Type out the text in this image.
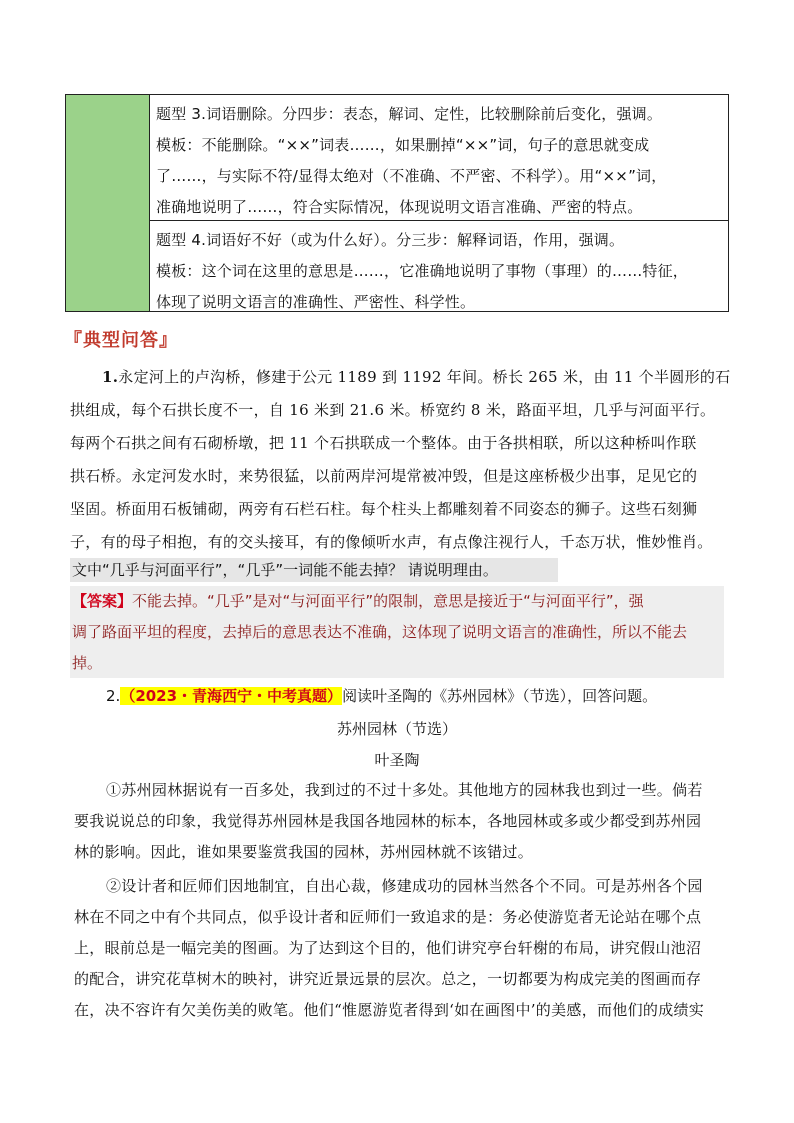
题型 3.词语删除。分四步：表态，解词、定性，比较删除前后变化，强调。
模板：不能删除。“××”词表……，如果删掉“××”词，句子的意思就变成
了……，与实际不符/显得太绝对（不准确、不严密、不科学）。用“××”词，
准确地说明了……，符合实际情况，体现说明文语言准确、严密的特点。
题型 4.词语好不好（或为什么好）。分三步：解释词语，作用，强调。
模板：这个词在这里的意思是……，它准确地说明了事物（事理）的……特征，
体现了说明文语言的准确性、严密性、科学性。
『典型问答』
1.永定河上的卢沟桥，修建于公元 1189 到 1192 年间。桥长 265 米，由 11 个半圆形的石
拱组成，每个石拱长度不一，自 16 米到 21.6 米。桥宽约 8 米，路面平坦，几乎与河面平行。
每两个石拱之间有石砌桥墩，把 11 个石拱联成一个整体。由于各拱相联，所以这种桥叫作联
拱石桥。永定河发水时，来势很猛，以前两岸河堤常被冲毁，但是这座桥极少出事，足见它的
坚固。桥面用石板铺砌，两旁有石栏石柱。每个柱头上都雕刻着不同姿态的狮子。这些石刻狮
子，有的母子相抱，有的交头接耳，有的像倾听水声，有点像注视行人，千态万状，惟妙惟肖。
文中“几乎与河面平行”，“几乎”一词能不能去掉？ 请说明理由。
【答案】不能去掉。“几乎”是对“与河面平行”的限制，意思是接近于“与河面平行”，强
调了路面平坦的程度，去掉后的意思表达不准确，这体现了说明文语言的准确性，所以不能去
掉。
2.（2023・青海西宁・中考真题）阅读叶圣陶的《苏州园林》（节选），回答问题。
苏州园林（节选）
叶圣陶
①苏州园林据说有一百多处，我到过的不过十多处。其他地方的园林我也到过一些。倘若
要我说说总的印象，我觉得苏州园林是我国各地园林的标本，各地园林或多或少都受到苏州园
林的影响。因此，谁如果要鉴赏我国的园林，苏州园林就不该错过。
②设计者和匠师们因地制宜，自出心裁，修建成功的园林当然各个不同。可是苏州各个园
林在不同之中有个共同点，似乎设计者和匠师们一致追求的是：务必使游览者无论站在哪个点
上，眼前总是一幅完美的图画。为了达到这个目的，他们讲究亭台轩榭的布局，讲究假山池沼
的配合，讲究花草树木的映衬，讲究近景远景的层次。总之，一切都要为构成完美的图画而存
在，决不容许有欠美伤美的败笔。他们“惟愿游览者得到‘如在画图中’的美感，而他们的成绩实
